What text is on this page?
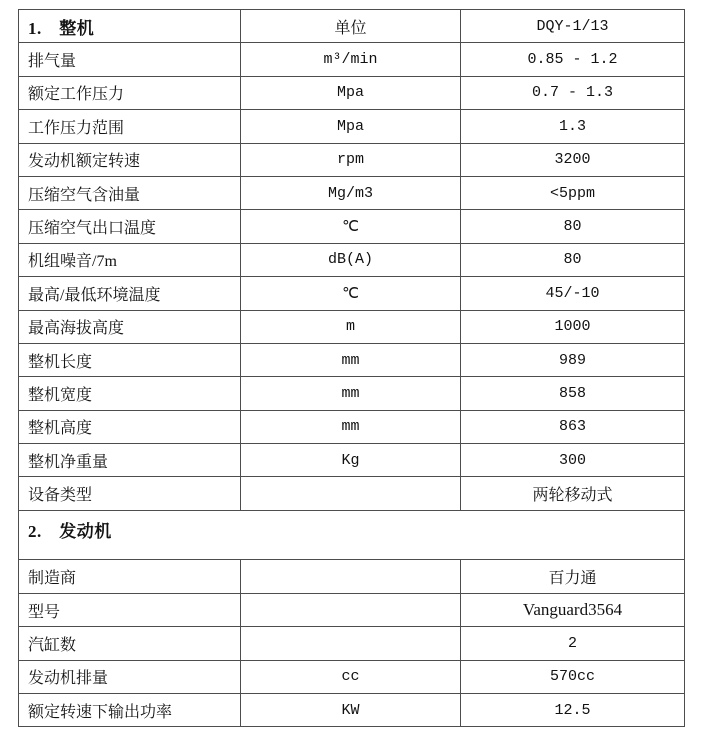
1.　整机	单位	DQY-1/13
排气量	m³/min	0.85 - 1.2
额定工作压力	Mpa	0.7 - 1.3
工作压力范围	Mpa	1.3
发动机额定转速	rpm	3200
压缩空气含油量	Mg/m3	<5ppm
压缩空气出口温度	℃	80
机组噪音/7m	dB(A)	80
最高/最低环境温度	℃	45/-10
最高海拔高度	m	1000
整机长度	mm	989
整机宽度	mm	858
整机高度	mm	863
整机净重量	Kg	300
设备类型		两轮移动式
2.　发动机		
制造商		百力通
型号		Vanguard3564
汽缸数		2
发动机排量	cc	570cc
额定转速下输出功率	KW	12.5
